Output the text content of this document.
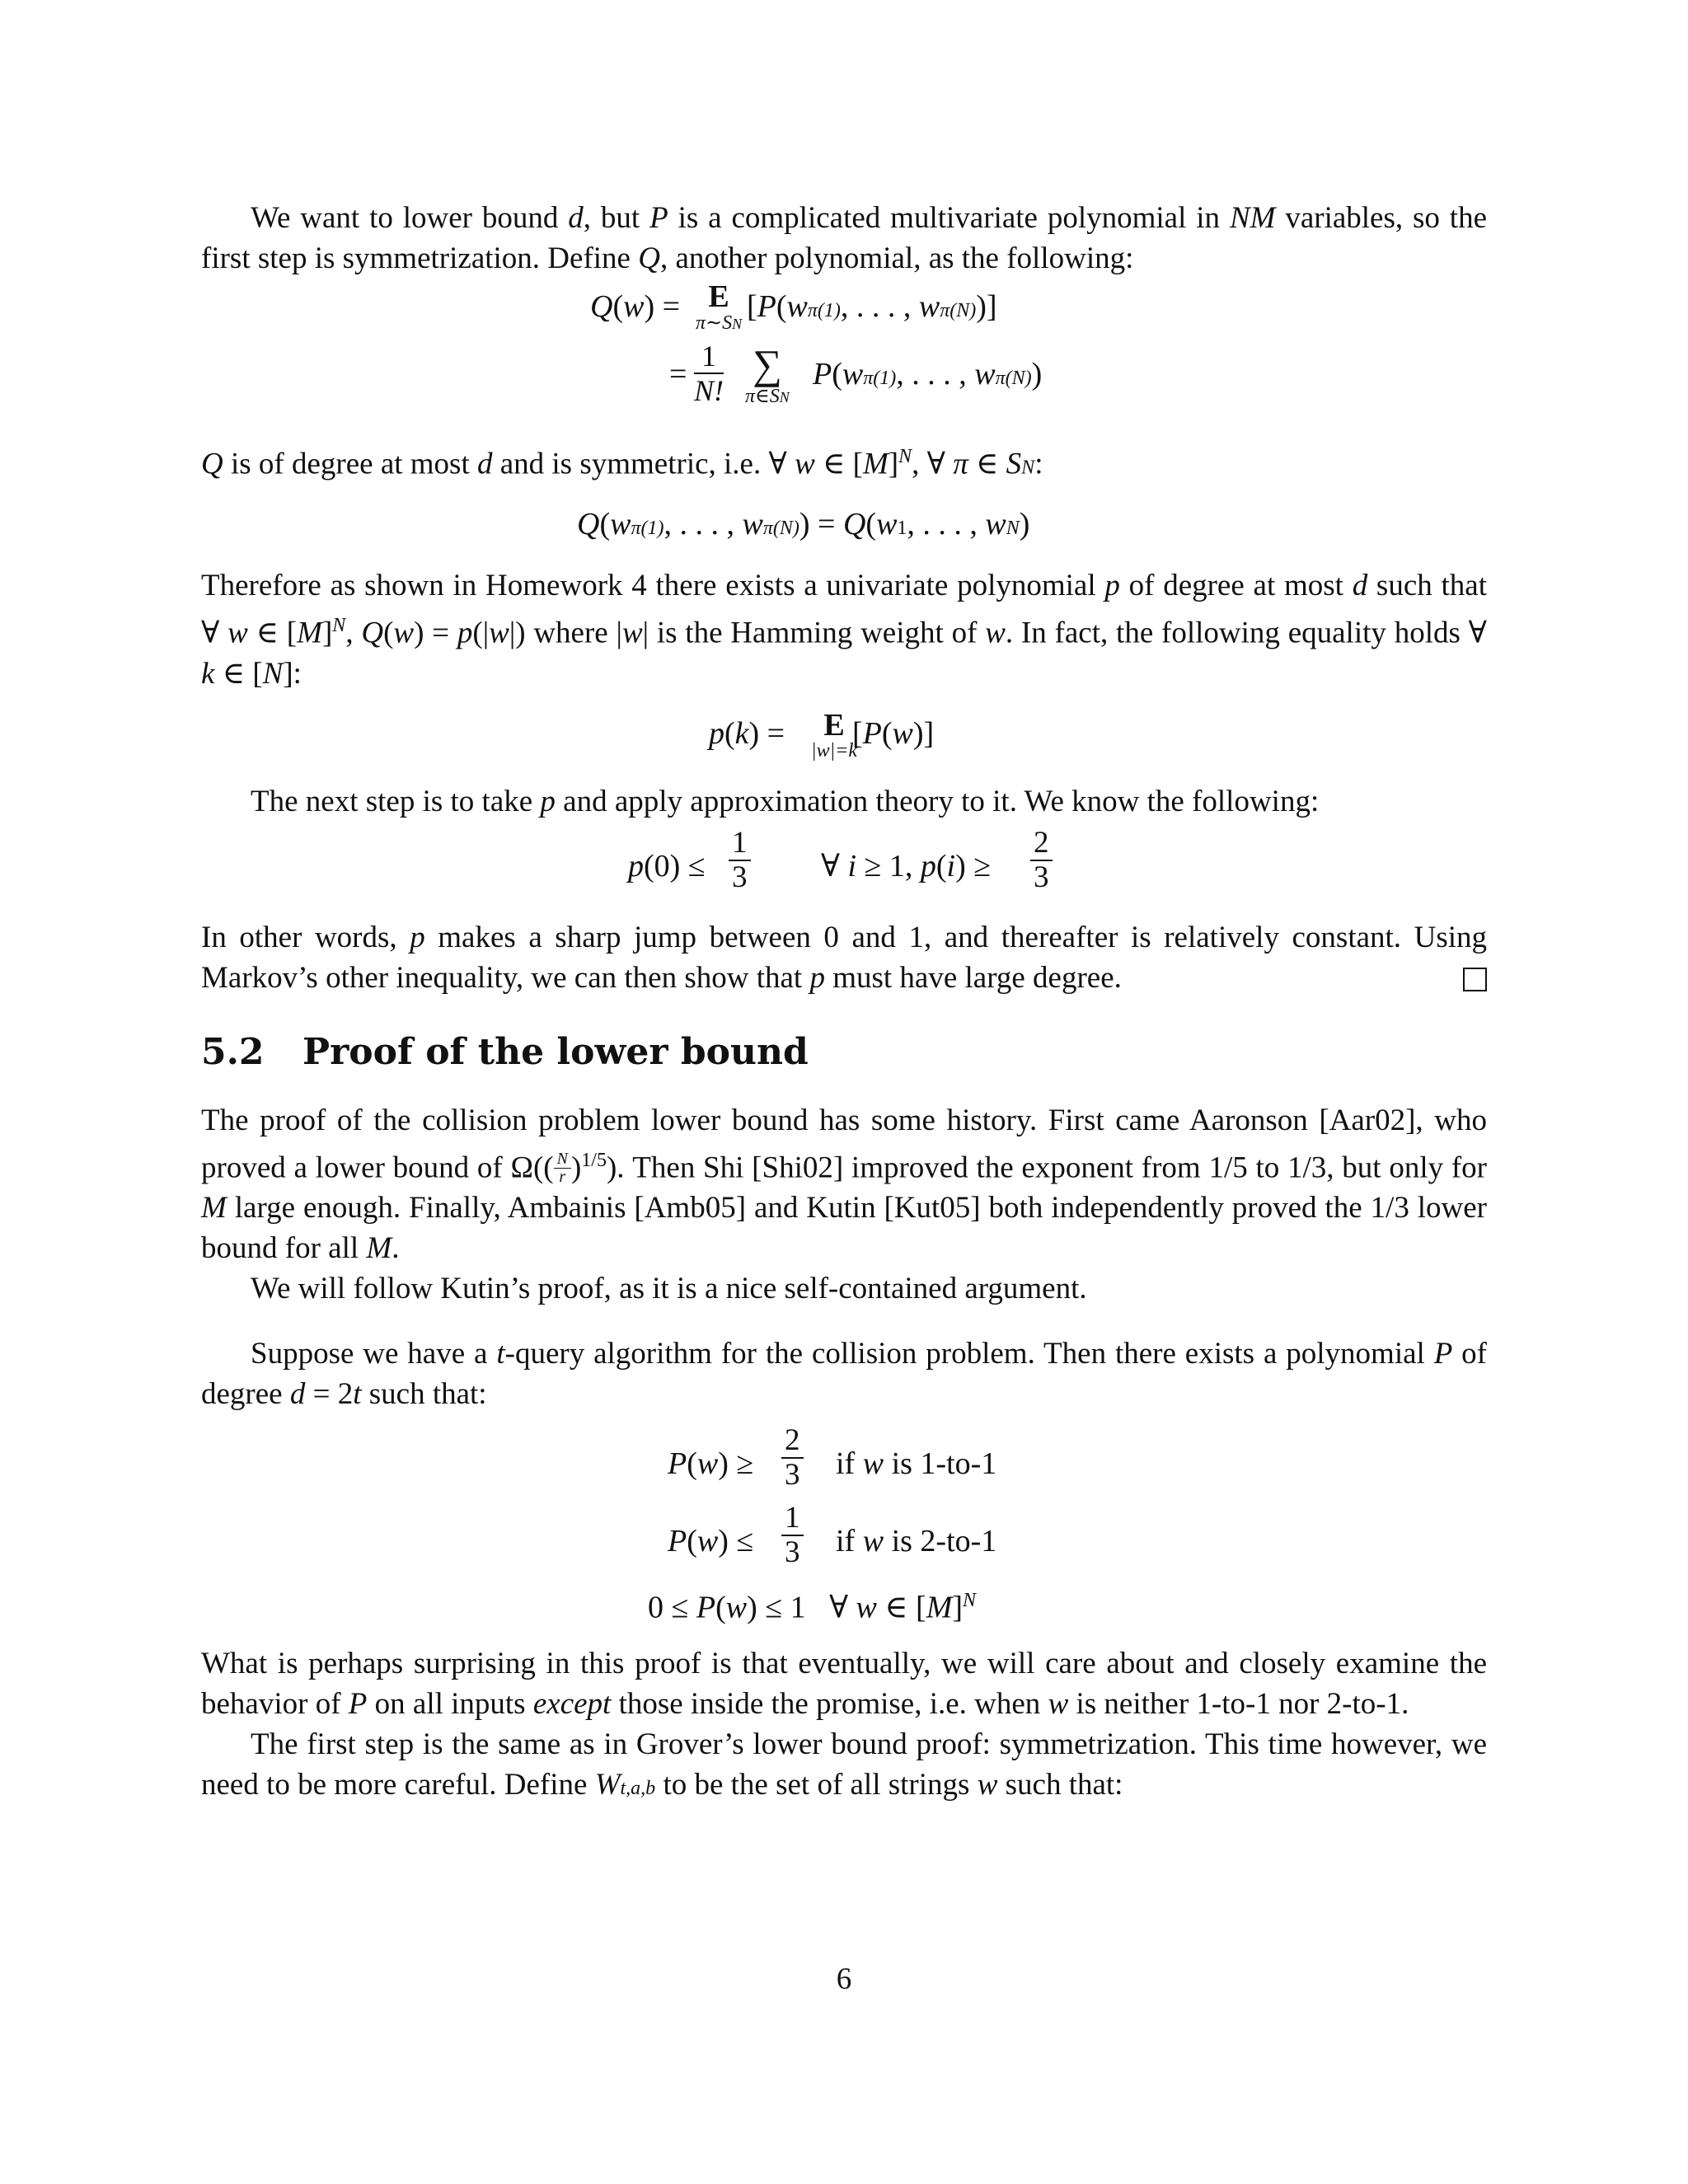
We want to lower bound d, but P is a complicated multivariate polynomial in NM variables, so the first step is symmetrization. Define Q, another polynomial, as the following:

Q(w) = E
π∼SN [P(wπ(1), . . . , wπ(N))]
= $\frac{1}{N!}$ ∑
π∈SN
P(wπ(1), . . . , wπ(N))

Q is of degree at most d and is symmetric, i.e. ∀ w ∈ $[M]^N$, ∀ π ∈ SN:

Q(wπ(1), . . . , wπ(N)) = Q(w1, . . . , wN)

Therefore as shown in Homework 4 there exists a univariate polynomial p of degree at most d such that ∀ w ∈ $[M]^N$, Q(w) = p(|w|) where |w| is the Hamming weight of w. In fact, the following equality holds ∀ k ∈ [N]:

p(k) =	E
|w|=k
[P(w)]

The next step is to take p and apply approximation theory to it. We know the following:

$p(0) \le \frac{1}{3}$ ∀ i ≥ 1, $p(i) \ge \frac{2}{3}$

In other words, p makes a sharp jump between 0 and 1, and thereafter is relatively constant. Using Markov’s other inequality, we can then show that p must have large degree.

5.2 Proof of the lower bound

The proof of the collision problem lower bound has some history. First came Aaronson [Aar02], who proved a lower bound of $\Omega(( \frac{N}{r} )^{1/5})$. Then Shi [Shi02] improved the exponent from 1/5 to 1/3, but only for M large enough. Finally, Ambainis [Amb05] and Kutin [Kut05] both independently proved the 1/3 lower bound for all M.

We will follow Kutin’s proof, as it is a nice self-contained argument.

Suppose we have a t-query algorithm for the collision problem. Then there exists a polynomial P of degree d = 2t such that:

$P(w) \ge \frac{2}{3}$ if w is 1-to-1
$P(w) \le \frac{1}{3}$ if w is 2-to-1
0 ≤ P(w) ≤ 1   ∀ w ∈ $[M]^N$

What is perhaps surprising in this proof is that eventually, we will care about and closely examine the behavior of P on all inputs except those inside the promise, i.e. when w is neither 1-to-1 nor 2-to-1.

The first step is the same as in Grover’s lower bound proof: symmetrization. This time however, we need to be more careful. Define Wt,a,b to be the set of all strings w such that:

6
